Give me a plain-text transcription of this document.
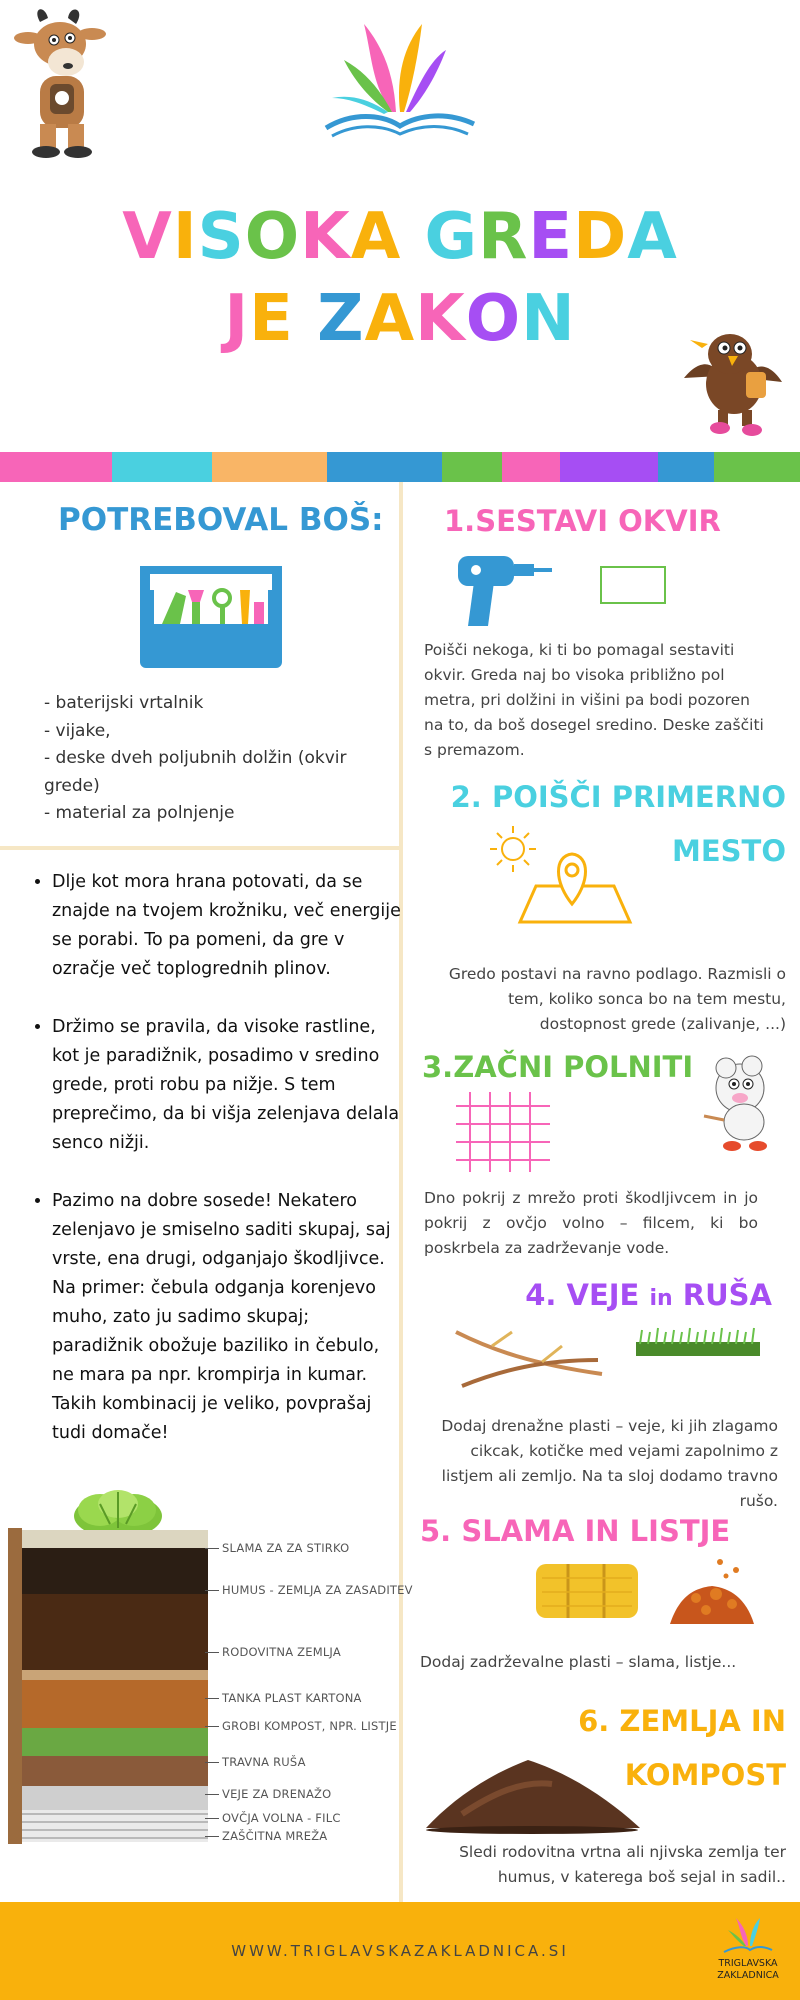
VISOKA GREDA
JE ZAKON
POTREBOVAL BOŠ:
- baterijski vrtalnik
- vijake,
- deske dveh poljubnih dolžin (okvir grede)
- material za polnjenje
• Dlje kot mora hrana potovati, da se znajde na tvojem krožniku, več energije se porabi. To pa pomeni, da gre v ozračje več toplogrednih plinov.
• Držimo se pravila, da visoke rastline, kot je paradižnik, posadimo v sredino grede, proti robu pa nižje. S tem preprečimo, da bi višja zelenjava delala senco nižji.
• Pazimo na dobre sosede! Nekatero zelenjavo je smiselno saditi skupaj, saj vrste, ena drugi, odganjajo škodljivce. Na primer: čebula odganja korenjevo muho, zato ju sadimo skupaj; paradižnik obožuje baziliko in čebulo, ne mara pa npr. krompirja in kumar. Takih kombinacij je veliko, povprašaj tudi domače!
SLAMA ZA ZA STIRKO
HUMUS - ZEMLJA ZA ZASADITEV
RODOVITNA ZEMLJA
TANKA PLAST KARTONA
GROBI KOMPOST, NPR. LISTJE
TRAVNA RUŠA
VEJE ZA DRENAŽO
OVČJA VOLNA - FILC
ZAŠČITNA MREŽA
1.SESTAVI OKVIR
Poišči nekoga, ki ti bo pomagal sestaviti okvir. Greda naj bo visoka približno pol metra, pri dolžini in višini pa bodi pozoren na to, da boš dosegel sredino. Deske zaščiti s premazom.
2. POIŠČI PRIMERNO
MESTO
Gredo postavi na ravno podlago. Razmisli o tem, koliko sonca bo na tem mestu, dostopnost grede (zalivanje, ...)
3.ZAČNI POLNITI
Dno pokrij z mrežo proti škodljivcem in jo pokrij z ovčjo volno – filcem, ki bo poskrbela za zadrževanje vode.
4. VEJE in RUŠA
Dodaj drenažne plasti – veje, ki jih zlagamo cikcak, kotičke med vejami zapolnimo z listjem ali zemljo. Na ta sloj dodamo travno rušo.
5. SLAMA IN LISTJE
Dodaj zadrževalne plasti – slama, listje...
6. ZEMLJA IN
KOMPOST
Sledi rodovitna vrtna ali njivska zemlja ter humus, v katerega boš sejal in sadil..
WWW.TRIGLAVSKAZAKLADNICA.SI
TRIGLAVSKA
ZAKLADNICA
